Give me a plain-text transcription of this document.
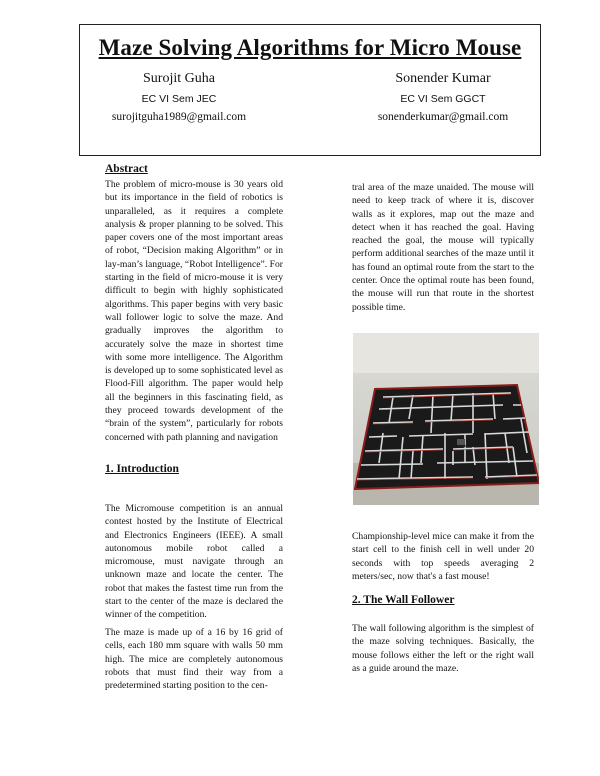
Maze Solving Algorithms for Micro Mouse
Surojit Guha
EC VI Sem JEC
surojitguha1989@gmail.com
Sonender Kumar
EC VI Sem GGCT
sonenderkumar@gmail.com
Abstract

The problem of micro-mouse is 30 years old but its importance in the field of robotics is unparalleled, as it requires a complete analysis & proper planning to be solved. This paper covers one of the most important areas of robot, “Decision making Algorithm” or in lay-man’s language, “Robot Intelligence”. For starting in the field of micro-mouse it is very difficult to begin with highly sophisticated algorithms. This paper begins with very basic wall follower logic to solve the maze. And gradually improves the algorithm to accurately solve the maze in shortest time with some more intelligence. The Algorithm is developed up to some sophisticated level as Flood-Fill algorithm. The paper would help all the beginners in this fascinating field, as they proceed towards development of the “brain of the system”, particularly for robots concerned with path planning and navigation

1. Introduction

The Micromouse competition is an annual contest hosted by the Institute of Electrical and Electronics Engineers (IEEE). A small autonomous mobile robot called a micromouse, must navigate through an unknown maze and locate the center. The robot that makes the fastest time run from the start to the center of the maze is declared the winner of the competition.

The maze is made up of a 16 by 16 grid of cells, each 180 mm square with walls 50 mm high. The mice are completely autonomous robots that must find their way from a predetermined starting position to the cen-

tral area of the maze unaided. The mouse will need to keep track of where it is, discover walls as it explores, map out the maze and detect when it has reached the goal. Having reached the goal, the mouse will typically perform additional searches of the maze until it has found an optimal route from the start to the center. Once the optimal route has been found, the mouse will run that route in the shortest possible time.

Championship-level mice can make it from the start cell to the finish cell in well under 20 seconds with top speeds averaging 2 meters/sec, now that's a fast mouse!

2. The Wall Follower

The wall following algorithm is the simplest of the maze solving techniques. Basically, the mouse follows either the left or the right wall as a guide around the maze.
